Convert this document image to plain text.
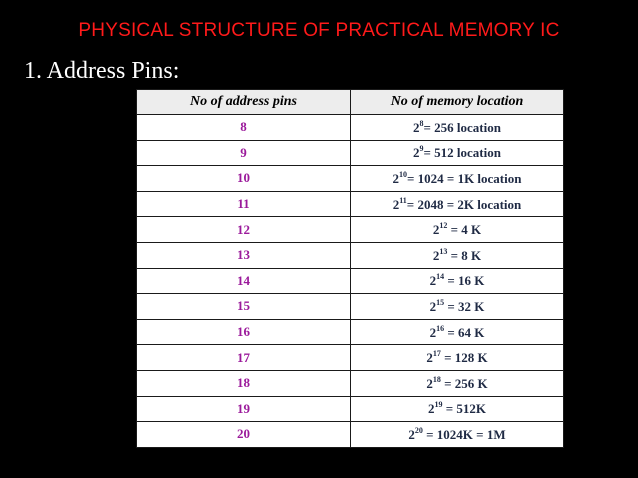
PHYSICAL STRUCTURE OF PRACTICAL MEMORY IC
1. Address Pins:
No of address pins	No of memory location
8	$2^8= 256$ location
9	$2^9= 512$ location
10	$2^{10}= 1024 = 1K$ location
11	$2^{11}= 2048 = 2K$ location
12	$2^{12} = 4$ K
13	$2^{13} = 8$ K
14	$2^{14} = 16$ K
15	$2^{15} = 32$ K
16	$2^{16} = 64$ K
17	$2^{17} = 128$ K
18	$2^{18} = 256$ K
19	$2^{19} = 512K$
20	$2^{20} = 1024K = 1M$
